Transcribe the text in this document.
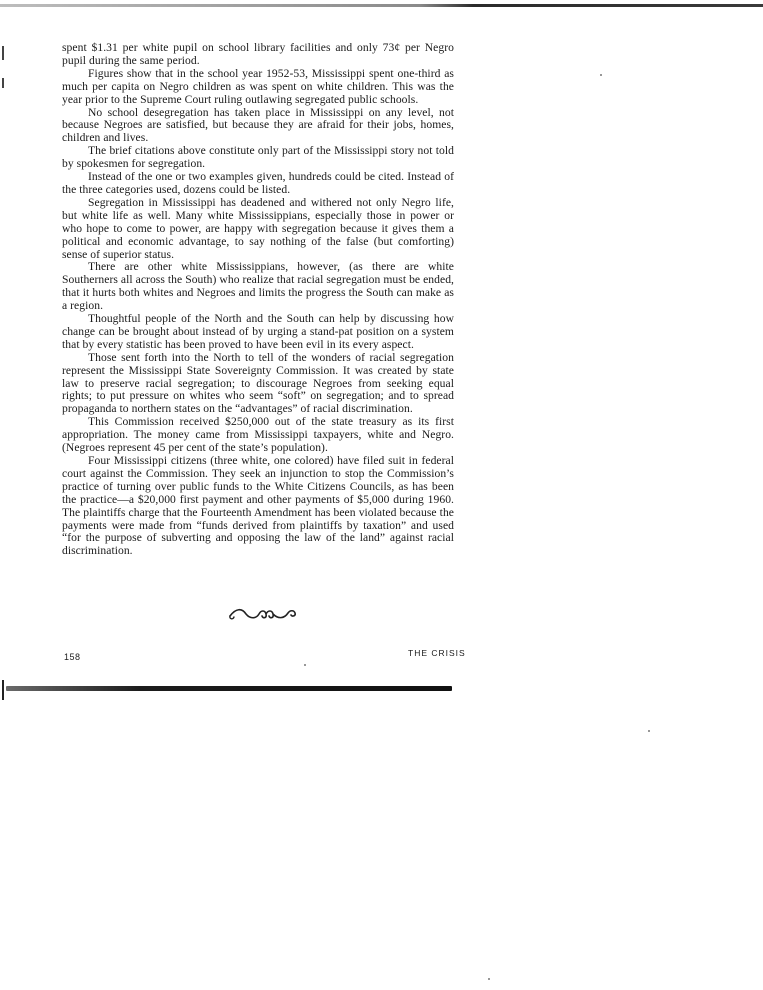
spent $1.31 per white pupil on school library facilities and only 73¢ per Negro pupil during the same period.

Figures show that in the school year 1952-53, Mississippi spent one-third as much per capita on Negro children as was spent on white children. This was the year prior to the Supreme Court ruling outlawing segregated public schools.

No school desegregation has taken place in Mississippi on any level, not because Negroes are satisfied, but because they are afraid for their jobs, homes, children and lives.

The brief citations above constitute only part of the Mississippi story not told by spokesmen for segregation.

Instead of the one or two examples given, hundreds could be cited. Instead of the three categories used, dozens could be listed.

Segregation in Mississippi has deadened and withered not only Negro life, but white life as well. Many white Mississippians, especially those in power or who hope to come to power, are happy with segregation because it gives them a political and economic advantage, to say nothing of the false (but comforting) sense of superior status.

There are other white Mississippians, however, (as there are white Southerners all across the South) who realize that racial segregation must be ended, that it hurts both whites and Negroes and limits the progress the South can make as a region.

Thoughtful people of the North and the South can help by discussing how change can be brought about instead of by urging a stand-pat position on a system that by every statistic has been proved to have been evil in its every aspect.

Those sent forth into the North to tell of the wonders of racial segregation represent the Mississippi State Sovereignty Commission. It was created by state law to preserve racial segregation; to discourage Negroes from seeking equal rights; to put pressure on whites who seem “soft” on segregation; and to spread propaganda to northern states on the “advantages” of racial discrimination.

This Commission received $250,000 out of the state treasury as its first appropriation. The money came from Mississippi taxpayers, white and Negro. (Negroes represent 45 per cent of the state’s population).

Four Mississippi citizens (three white, one colored) have filed suit in federal court against the Commission. They seek an injunction to stop the Commission’s practice of turning over public funds to the White Citizens Councils, as has been the practice—a $20,000 first payment and other payments of $5,000 during 1960. The plaintiffs charge that the Fourteenth Amendment has been violated because the payments were made from “funds derived from plaintiffs by taxation” and used “for the purpose of subverting and opposing the law of the land” against racial discrimination.

158	THE CRISIS
